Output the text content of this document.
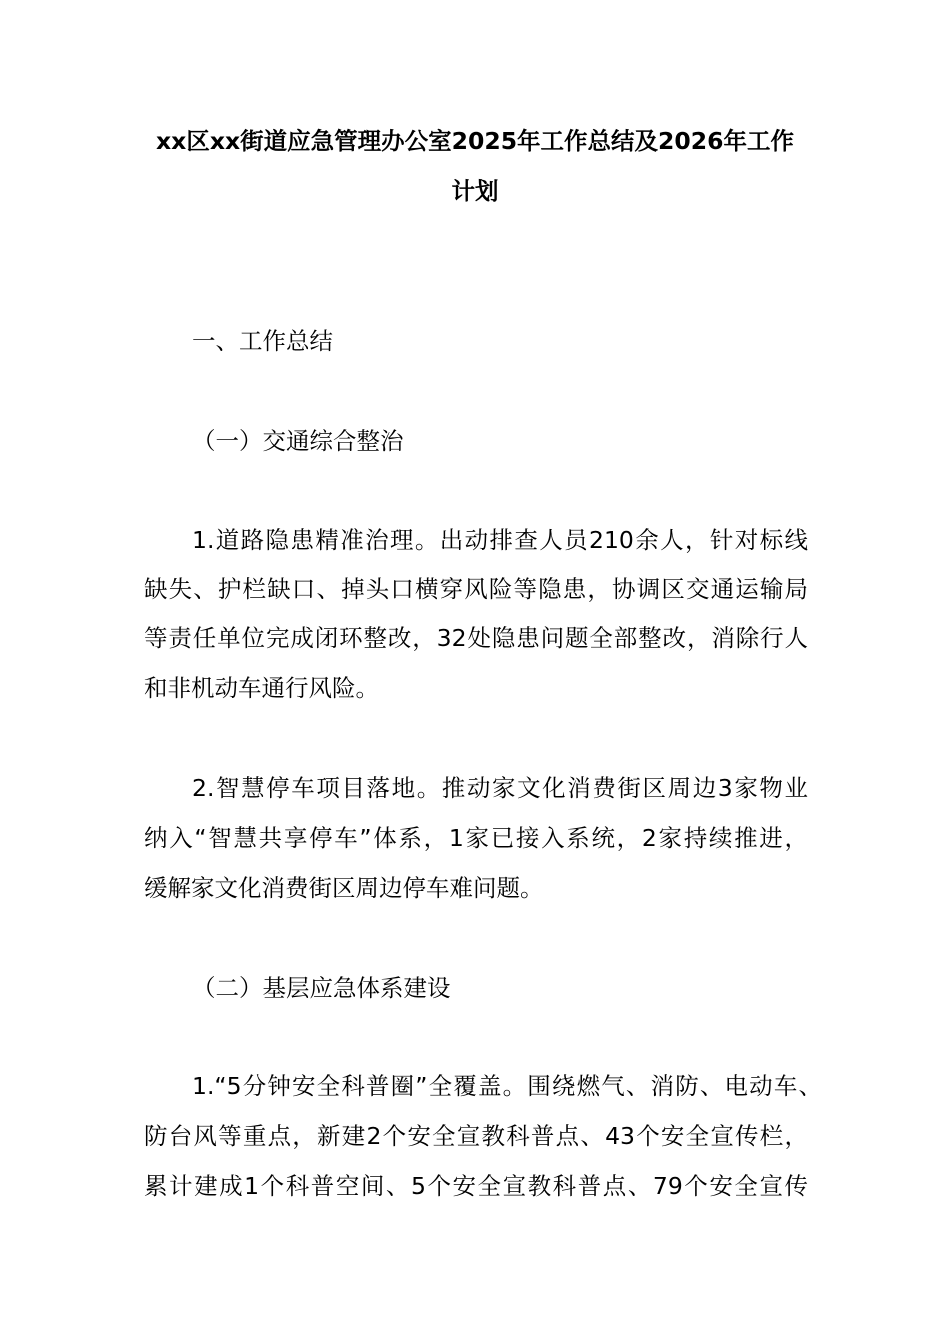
xx区xx街道应急管理办公室2025年工作总结及2026年工作
计划
一、工作总结
（一）交通综合整治
1.道路隐患精准治理。出动排查人员210余人，针对标线
缺失、护栏缺口、掉头口横穿风险等隐患，协调区交通运输局
等责任单位完成闭环整改，32处隐患问题全部整改，消除行人
和非机动车通行风险。
2.智慧停车项目落地。推动家文化消费街区周边3家物业
纳入“智慧共享停车”体系，1家已接入系统，2家持续推进，
缓解家文化消费街区周边停车难问题。
（二）基层应急体系建设
1.“5分钟安全科普圈”全覆盖。围绕燃气、消防、电动车、
防台风等重点，新建2个安全宣教科普点、43个安全宣传栏，
累计建成1个科普空间、5个安全宣教科普点、79个安全宣传
